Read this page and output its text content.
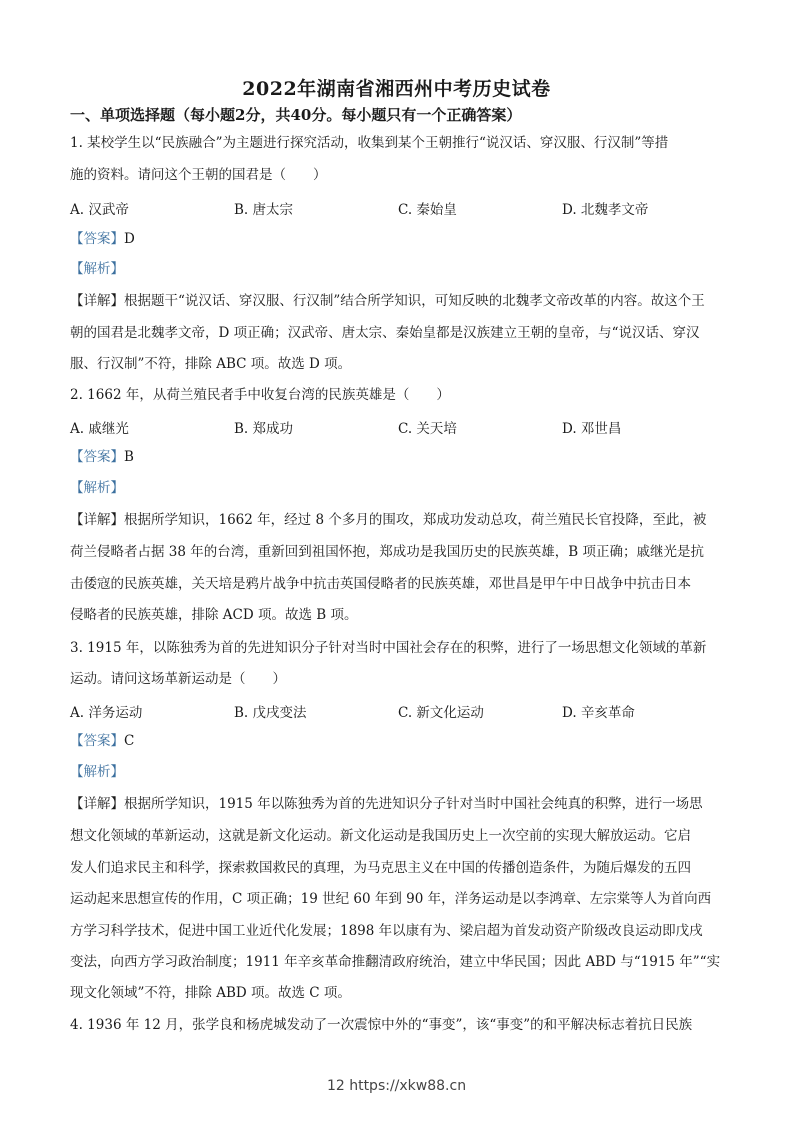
2022年湖南省湘西州中考历史试卷
一、单项选择题（每小题2分，共40分。每小题只有一个正确答案）
1. 某校学生以“民族融合”为主题进行探究活动，收集到某个王朝推行“说汉话、穿汉服、行汉制”等措
施的资料。请问这个王朝的国君是（　　）
A. 汉武帝	B. 唐太宗	C. 秦始皇	D. 北魏孝文帝
【答案】D
【解析】
【详解】根据题干“说汉话、穿汉服、行汉制”结合所学知识，可知反映的北魏孝文帝改革的内容。故这个王
朝的国君是北魏孝文帝，D 项正确；汉武帝、唐太宗、秦始皇都是汉族建立王朝的皇帝，与“说汉话、穿汉
服、行汉制”不符，排除 ABC 项。故选 D 项。
2. 1662 年，从荷兰殖民者手中收复台湾的民族英雄是（　　）
A. 戚继光	B. 郑成功	C. 关天培	D. 邓世昌
【答案】B
【解析】
【详解】根据所学知识，1662 年，经过 8 个多月的围攻，郑成功发动总攻，荷兰殖民长官投降，至此，被
荷兰侵略者占据 38 年的台湾，重新回到祖国怀抱，郑成功是我国历史的民族英雄，B 项正确；戚继光是抗
击倭寇的民族英雄，关天培是鸦片战争中抗击英国侵略者的民族英雄，邓世昌是甲午中日战争中抗击日本
侵略者的民族英雄，排除 ACD 项。故选 B 项。
3. 1915 年，以陈独秀为首的先进知识分子针对当时中国社会存在的积弊，进行了一场思想文化领域的革新
运动。请问这场革新运动是（　　）
A. 洋务运动	B. 戊戌变法	C. 新文化运动	D. 辛亥革命
【答案】C
【解析】
【详解】根据所学知识，1915 年以陈独秀为首的先进知识分子针对当时中国社会纯真的积弊，进行一场思
想文化领域的革新运动，这就是新文化运动。新文化运动是我国历史上一次空前的实现大解放运动。它启
发人们追求民主和科学，探索救国救民的真理，为马克思主义在中国的传播创造条件，为随后爆发的五四
运动起来思想宣传的作用，C 项正确；19 世纪 60 年到 90 年，洋务运动是以李鸿章、左宗棠等人为首向西
方学习科学技术，促进中国工业近代化发展；1898 年以康有为、梁启超为首发动资产阶级改良运动即戊戌
变法，向西方学习政治制度；1911 年辛亥革命推翻清政府统治，建立中华民国；因此 ABD 与“1915 年”“实
现文化领域”不符，排除 ABD 项。故选 C 项。
4. 1936 年 12 月，张学良和杨虎城发动了一次震惊中外的“事变”，该“事变”的和平解决标志着抗日民族
12 https://xkw88.cn
